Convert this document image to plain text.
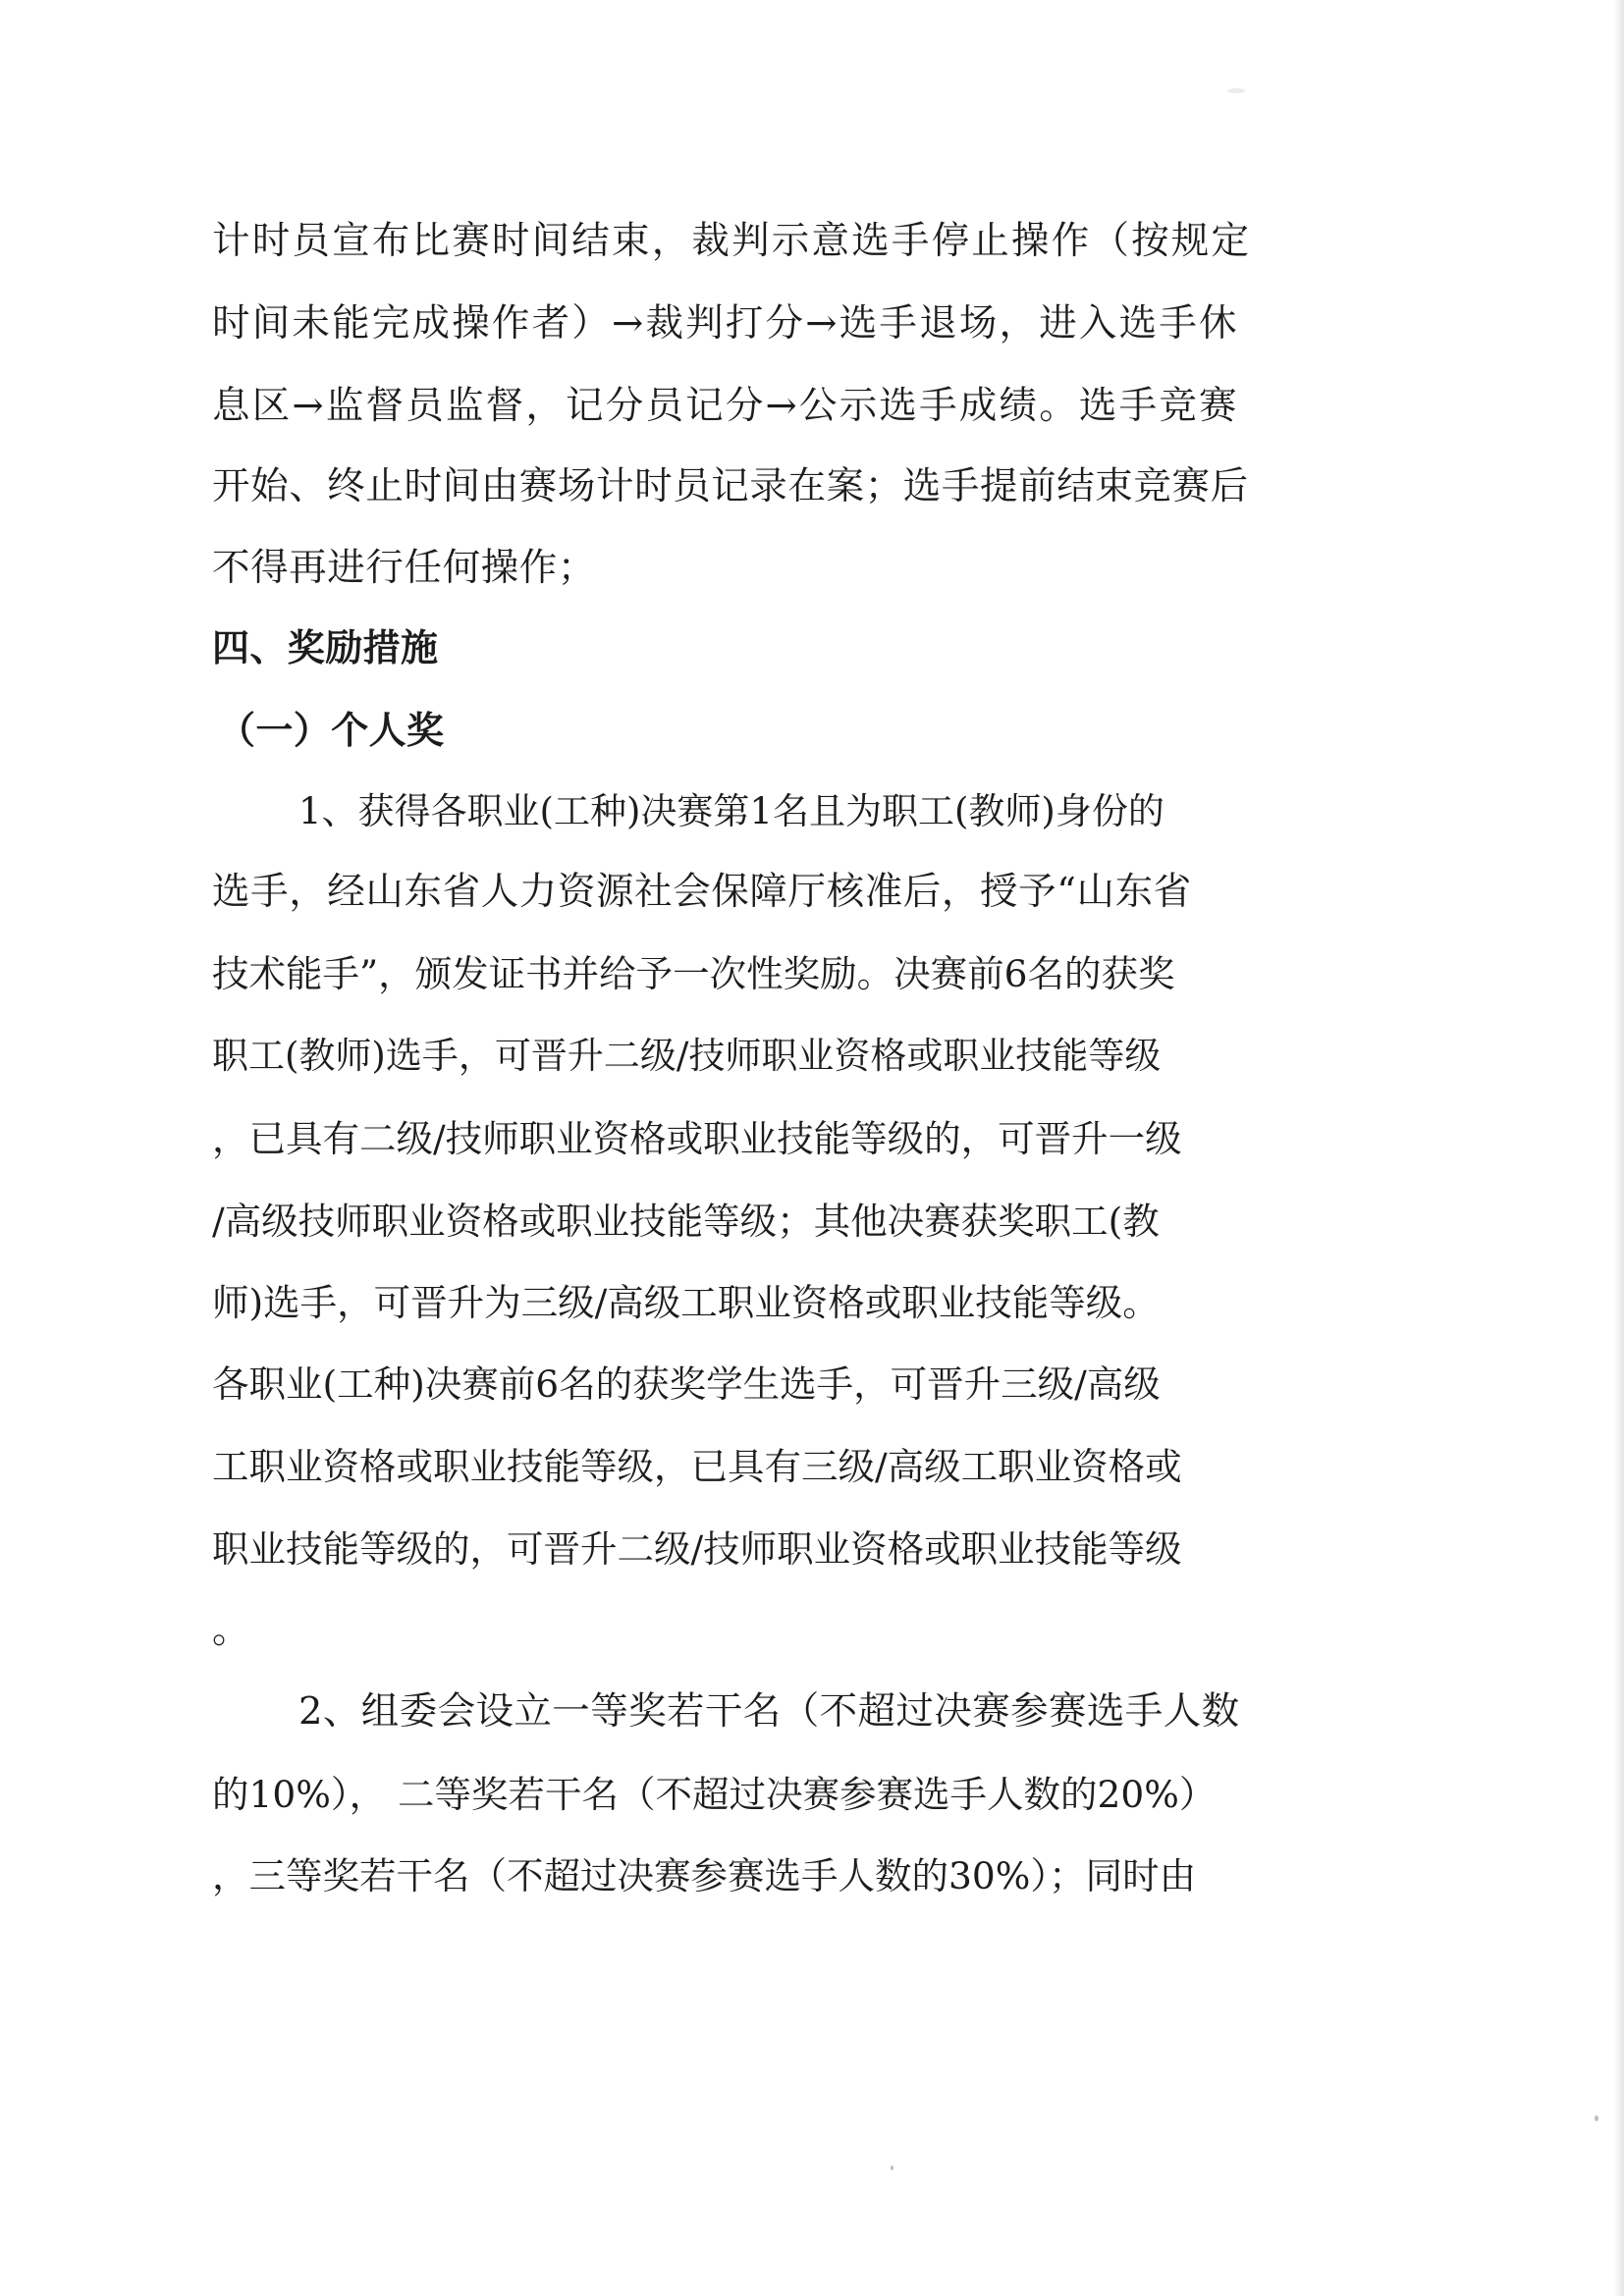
计时员宣布比赛时间结束，裁判示意选手停止操作（按规定
时间未能完成操作者）→裁判打分→选手退场，进入选手休
息区→监督员监督，记分员记分→公示选手成绩。选手竞赛
开始、终止时间由赛场计时员记录在案；选手提前结束竞赛后
不得再进行任何操作；
四、奖励措施
（一）个人奖
1、获得各职业(工种)决赛第1名且为职工(教师)身份的
选手，经山东省人力资源社会保障厅核准后，授予“山东省
技术能手”，颁发证书并给予一次性奖励。决赛前6名的获奖
职工(教师)选手，可晋升二级/技师职业资格或职业技能等级
，已具有二级/技师职业资格或职业技能等级的，可晋升一级
/高级技师职业资格或职业技能等级；其他决赛获奖职工(教
师)选手，可晋升为三级/高级工职业资格或职业技能等级。
各职业(工种)决赛前6名的获奖学生选手，可晋升三级/高级
工职业资格或职业技能等级，已具有三级/高级工职业资格或
职业技能等级的，可晋升二级/技师职业资格或职业技能等级
。
2、组委会设立一等奖若干名（不超过决赛参赛选手人数
的10%）， 二等奖若干名（不超过决赛参赛选手人数的20%）
，三等奖若干名（不超过决赛参赛选手人数的30%）；同时由
